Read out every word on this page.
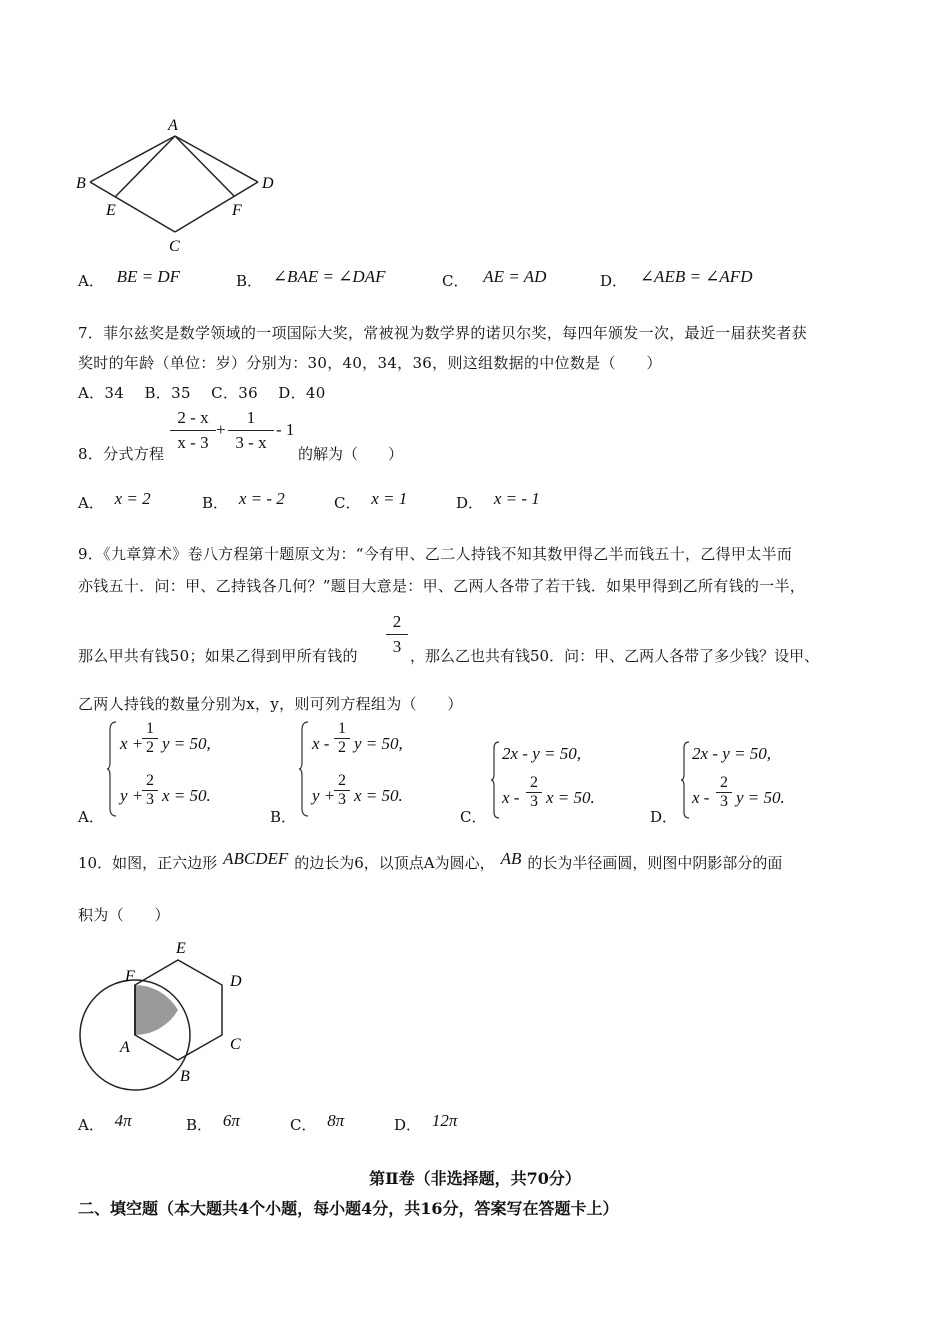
A
B	D
E	F
C
A． BE = DF	B． ∠BAE = ∠DAF	C． AE = AD	D． ∠AEB = ∠AFD
7．菲尔兹奖是数学领域的一项国际大奖，常被视为数学界的诺贝尔奖，每四年颁发一次，最近一届获奖者获
奖时的年龄（单位：岁）分别为：30，40，34，36，则这组数据的中位数是（　　）
A．34　 B．35　 C．36　 D．40
8．分式方程
2 - x
x - 3
+
1
3 - x
- 1
的解为（　　）
A． x = 2	B． x = - 2	C． x = 1	D． x = - 1
9．《九章算术》卷八方程第十题原文为：“今有甲、乙二人持钱不知其数甲得乙半而钱五十，乙得甲太半而
亦钱五十．问：甲、乙持钱各几何？”题目大意是：甲、乙两人各带了若干钱．如果甲得到乙所有钱的一半，
那么甲共有钱50；如果乙得到甲所有钱的
2
3 ，那么乙也共有钱50．问：甲、乙两人各带了多少钱？设甲、
乙两人持钱的数量分别为x，y，则可列方程组为（　　）
A．
x +
1
2 y = 50,
y +
2
3 x = 50.
B．
x -
1
2 y = 50,
y +
2
3 x = 50.
C．
2x - y = 50,
x -
2
3 x = 50.
D．
2x - y = 50,
x -
2
3 y = 50.
10．如图，正六边形 ABCDEF 的边长为6，以顶点A为圆心， AB 的长为半径画圆，则图中阴影部分的面
积为（　　）
E
F	D
A	C
B
A． 4π	B． 6π	C． 8π	D． 12π
第Ⅱ卷（非选择题，共70分）
二、填空题（本大题共4个小题，每小题4分，共16分，答案写在答题卡上）
